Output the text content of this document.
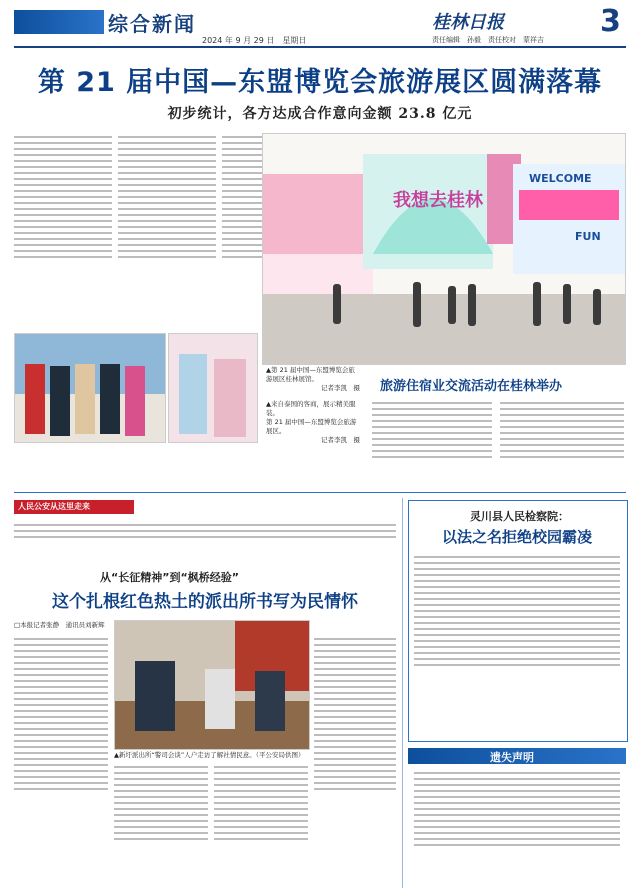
综合新闻
2024 年 9 月 29 日　星期日
桂林日报
责任编辑　孙毅　责任校对　蒙祥吉
3
第 21 届中国—东盟博览会旅游展区圆满落幕
初步统计，各方达成合作意向金额 23.8 亿元
我想去桂林
WELCOME
FUN
▲第 21 届中国—东盟博览会旅游展区桂林展馆。
记者李凯　摄
▲来自泰国的客商，展示精美服装。
第 21 届中国—东盟博览会旅游展区。
记者李凯　摄
旅游住宿业交流活动在桂林举办
人民公安从这里走来
从“长征精神”到“枫桥经验”
这个扎根红色热土的派出所书写为民情怀
□本报记者张静　通讯员刘新辉
▲新圩派出所“警司会谈”人户走访了解社情民意。（平公安局供图）
灵川县人民检察院：
以法之名拒绝校园霸凌
遗失声明
